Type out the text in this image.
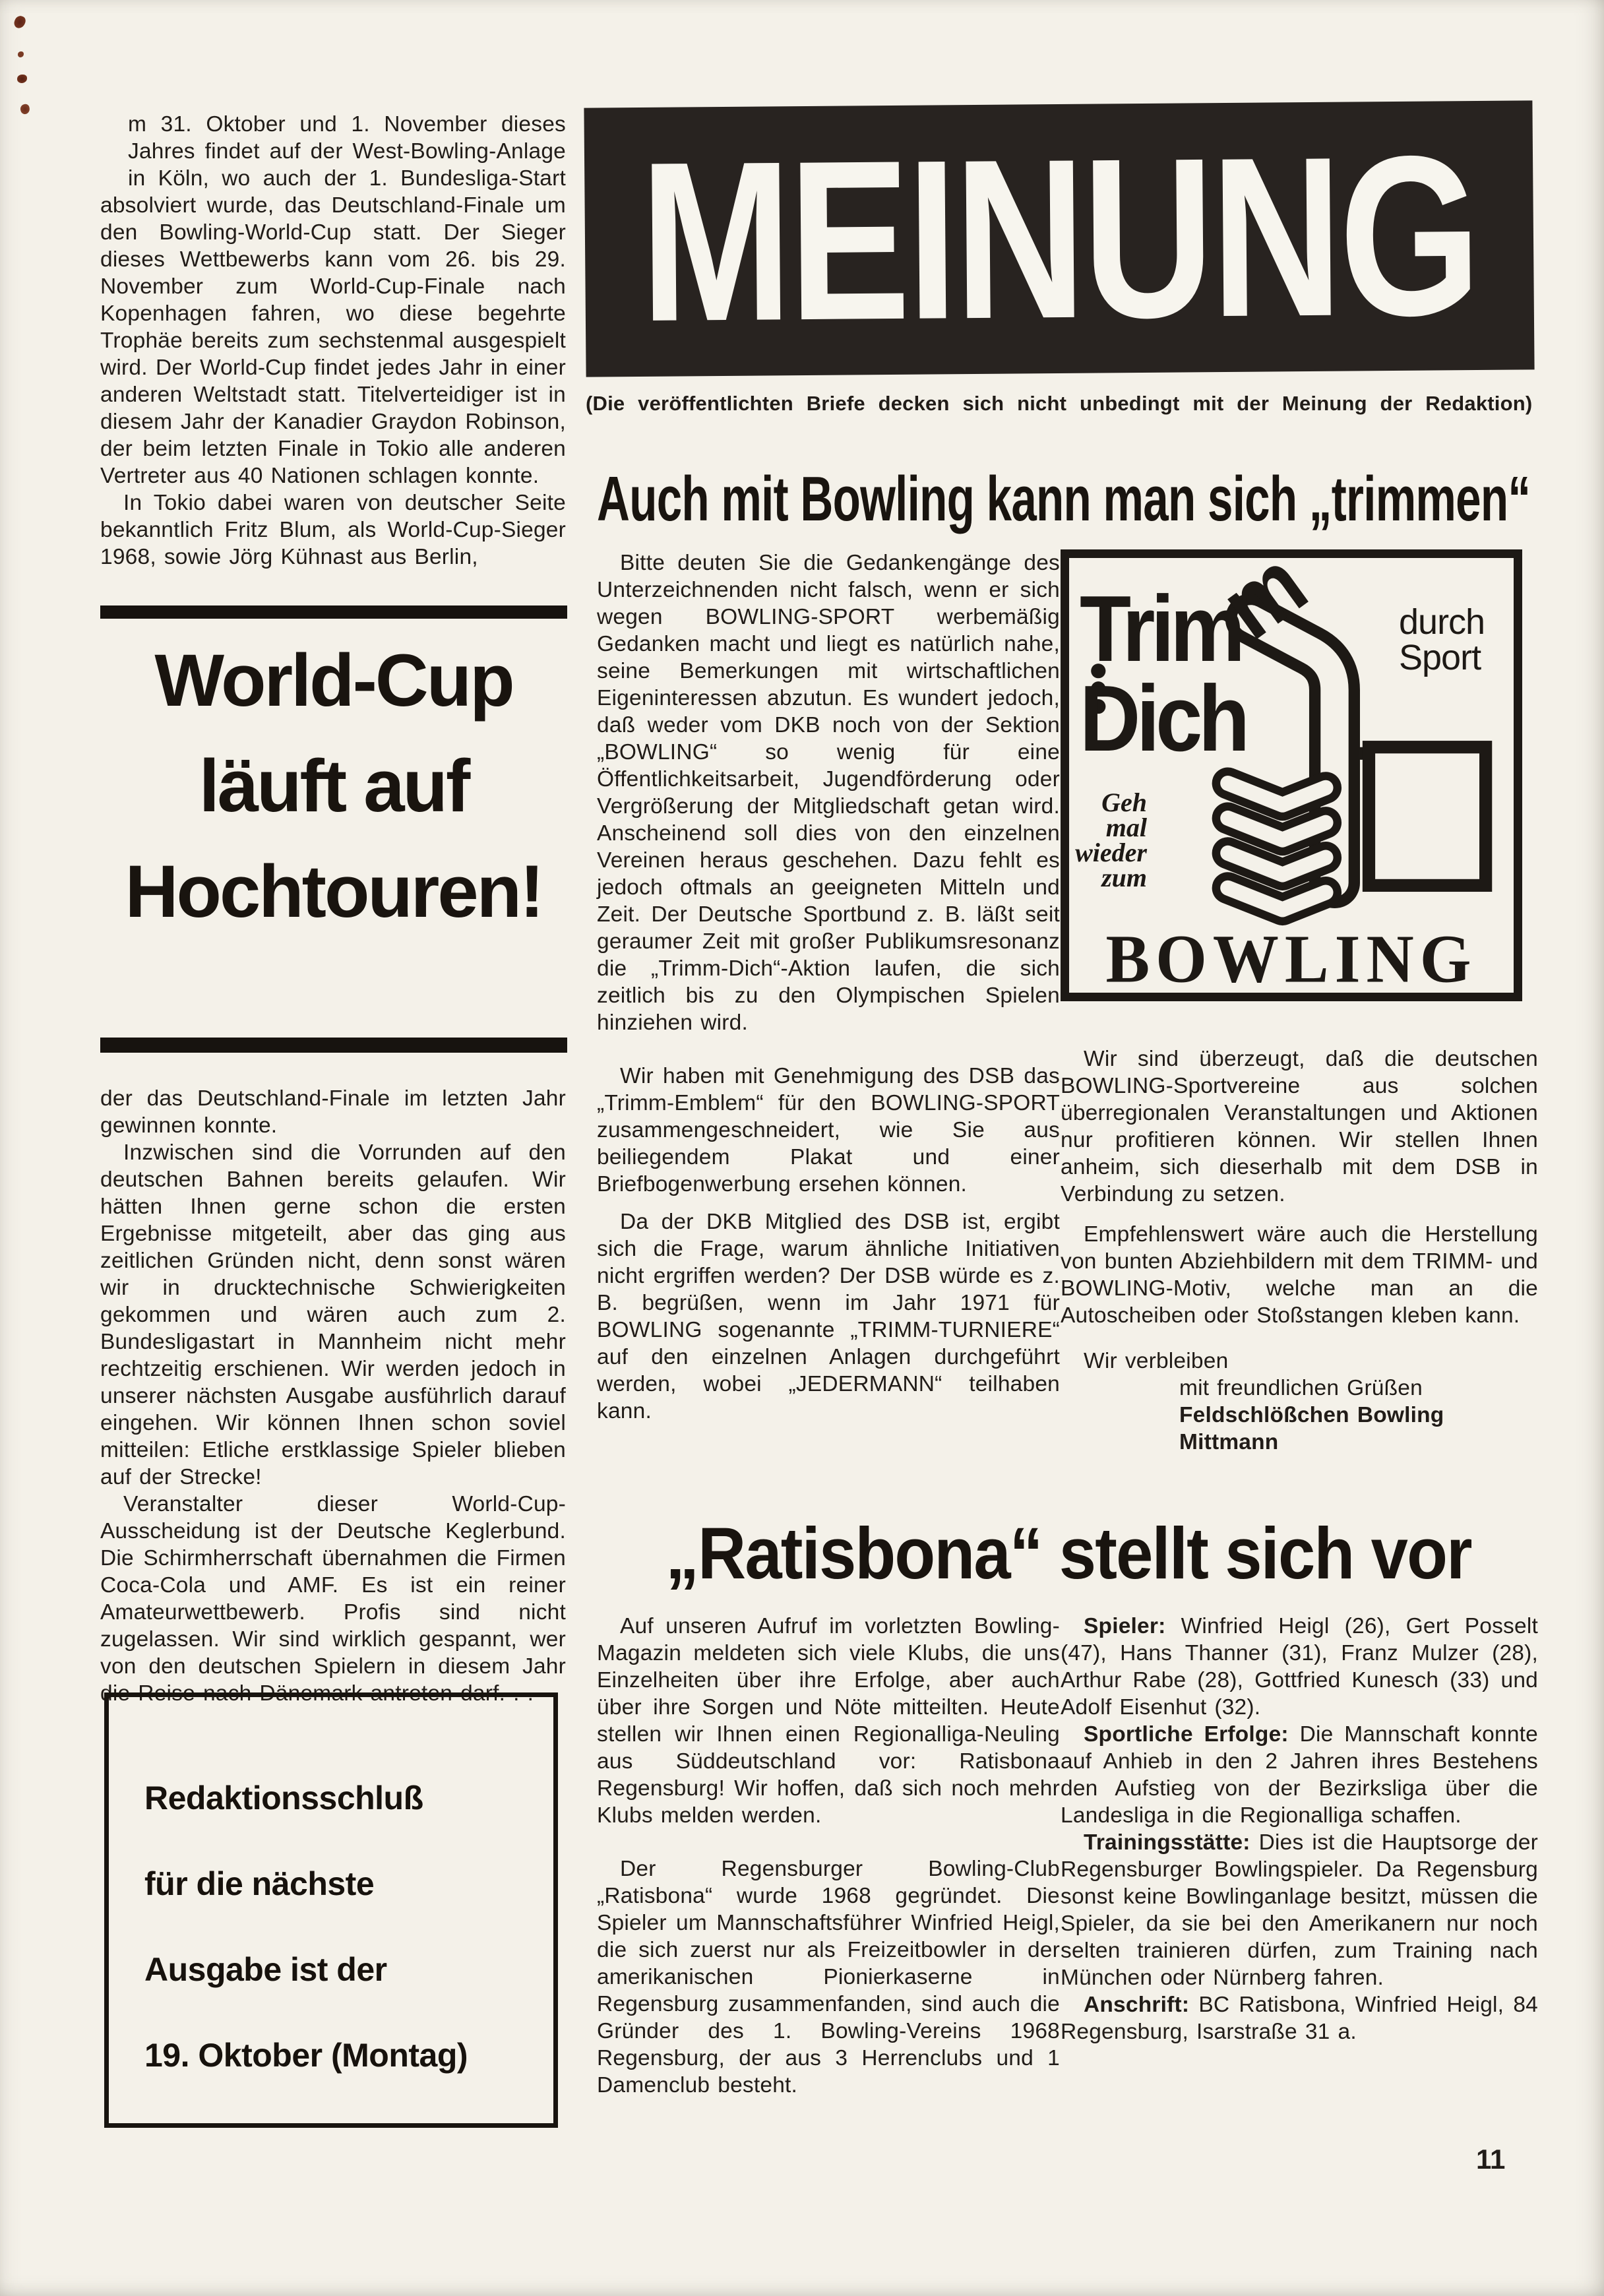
m 31. Oktober und 1. November dieses Jahres findet auf der West-Bowling-Anlage in Köln, wo auch der 1. Bundesliga-Start absolviert wurde, das Deutschland-Finale um den Bowling-World-Cup statt. Der Sieger dieses Wettbewerbs kann vom 26. bis 29. November zum World-Cup-Finale nach Kopenhagen fahren, wo diese begehrte Trophäe bereits zum sechstenmal ausgespielt wird. Der World-Cup findet jedes Jahr in einer anderen Weltstadt statt. Titelverteidiger ist in diesem Jahr der Kanadier Graydon Robinson, der beim letzten Finale in Tokio alle anderen Vertreter aus 40 Nationen schlagen konnte.

In Tokio dabei waren von deutscher Seite bekanntlich Fritz Blum, als World-Cup-Sieger 1968, sowie Jörg Kühnast aus Berlin,

World-Cup
läuft auf
Hochtouren!

der das Deutschland-Finale im letzten Jahr gewinnen konnte.

Inzwischen sind die Vorrunden auf den deutschen Bahnen bereits gelaufen. Wir hätten Ihnen gerne schon die ersten Ergebnisse mitgeteilt, aber das ging aus zeitlichen Gründen nicht, denn sonst wären wir in drucktechnische Schwierigkeiten gekommen und wären auch zum 2. Bundesligastart in Mannheim nicht mehr rechtzeitig erschienen. Wir werden jedoch in unserer nächsten Ausgabe ausführlich darauf eingehen. Wir können Ihnen schon soviel mitteilen: Etliche erstklassige Spieler blieben auf der Strecke!

Veranstalter dieser World-Cup-Ausscheidung ist der Deutsche Keglerbund. Die Schirmherrschaft übernahmen die Firmen Coca-Cola und AMF. Es ist ein reiner Amateurwettbewerb. Profis sind nicht zugelassen. Wir sind wirklich gespannt, wer von den deutschen Spielern in diesem Jahr die Reise nach Dänemark antreten darf. . .

Redaktionsschluß
für die nächste
Ausgabe ist der
19. Oktober (Montag)
MEINUNG
(Die veröffentlichten Briefe decken sich nicht unbedingt mit der Meinung der Redaktion)
Auch mit Bowling kann man sich „trimmen“

Bitte deuten Sie die Gedankengänge des Unterzeichnenden nicht falsch, wenn er sich wegen BOWLING-SPORT werbemäßig Gedanken macht und liegt es natürlich nahe, seine Bemerkungen mit wirtschaftlichen Eigeninteressen abzutun. Es wundert jedoch, daß weder vom DKB noch von der Sektion „BOWLING“ so wenig für eine Öffentlichkeitsarbeit, Jugendförderung oder Vergrößerung der Mitgliedschaft getan wird. Anscheinend soll dies von den einzelnen Vereinen heraus geschehen. Dazu fehlt es jedoch oftmals an geeigneten Mitteln und Zeit. Der Deutsche Sportbund z. B. läßt seit geraumer Zeit mit großer Publikumsresonanz die „Trimm-Dich“-Aktion laufen, die sich zeitlich bis zu den Olympischen Spielen hinziehen wird.

Wir haben mit Genehmigung des DSB das „Trimm-Emblem“ für den BOWLING-SPORT zusammengeschneidert, wie Sie aus beiliegendem Plakat und einer Briefbogenwerbung ersehen können.

Da der DKB Mitglied des DSB ist, ergibt sich die Frage, warum ähnliche Initiativen nicht ergriffen werden? Der DSB würde es z. B. begrüßen, wenn im Jahr 1971 für BOWLING sogenannte „TRIMM-TURNIERE“ auf den einzelnen Anlagen durchgeführt werden, wobei „JEDERMANN“ teilhaben kann.

Trim
m
Dich
durch
Sport
Geh
mal
wieder
zum
BOWLING

Wir sind überzeugt, daß die deutschen BOWLING-Sportvereine aus solchen überregionalen Veranstaltungen und Aktionen nur profitieren können. Wir stellen Ihnen anheim, sich dieserhalb mit dem DSB in Verbindung zu setzen.

Empfehlenswert wäre auch die Herstellung von bunten Abziehbildern mit dem TRIMM- und BOWLING-Motiv, welche man an die Autoscheiben oder Stoßstangen kleben kann.

Wir verbleiben

mit freundlichen Grüßen

Feldschlößchen Bowling

Mittmann

„Ratisbona“ stellt sich vor

Auf unseren Aufruf im vorletzten Bowling-Magazin meldeten sich viele Klubs, die uns Einzelheiten über ihre Erfolge, aber auch über ihre Sorgen und Nöte mitteilten. Heute stellen wir Ihnen einen Regionalliga-Neuling aus Süddeutschland vor: Ratisbona Regensburg! Wir hoffen, daß sich noch mehr Klubs melden werden.

Der Regensburger Bowling-Club „Ratisbona“ wurde 1968 gegründet. Die Spieler um Mannschaftsführer Winfried Heigl, die sich zuerst nur als Freizeitbowler in der amerikanischen Pionierkaserne in Regensburg zusammenfanden, sind auch die Gründer des 1. Bowling-Vereins 1968 Regensburg, der aus 3 Herrenclubs und 1 Damenclub besteht.

Spieler: Winfried Heigl (26), Gert Posselt (47), Hans Thanner (31), Franz Mulzer (28), Arthur Rabe (28), Gottfried Kunesch (33) und Adolf Eisenhut (32).

Sportliche Erfolge: Die Mannschaft konnte auf Anhieb in den 2 Jahren ihres Bestehens den Aufstieg von der Bezirksliga über die Landesliga in die Regionalliga schaffen.

Trainingsstätte: Dies ist die Hauptsorge der Regensburger Bowlingspieler. Da Regensburg sonst keine Bowlinganlage besitzt, müssen die Spieler, da sie bei den Amerikanern nur noch selten trainieren dürfen, zum Training nach München oder Nürnberg fahren.

Anschrift: BC Ratisbona, Winfried Heigl, 84 Regensburg, Isarstraße 31 a.

11
